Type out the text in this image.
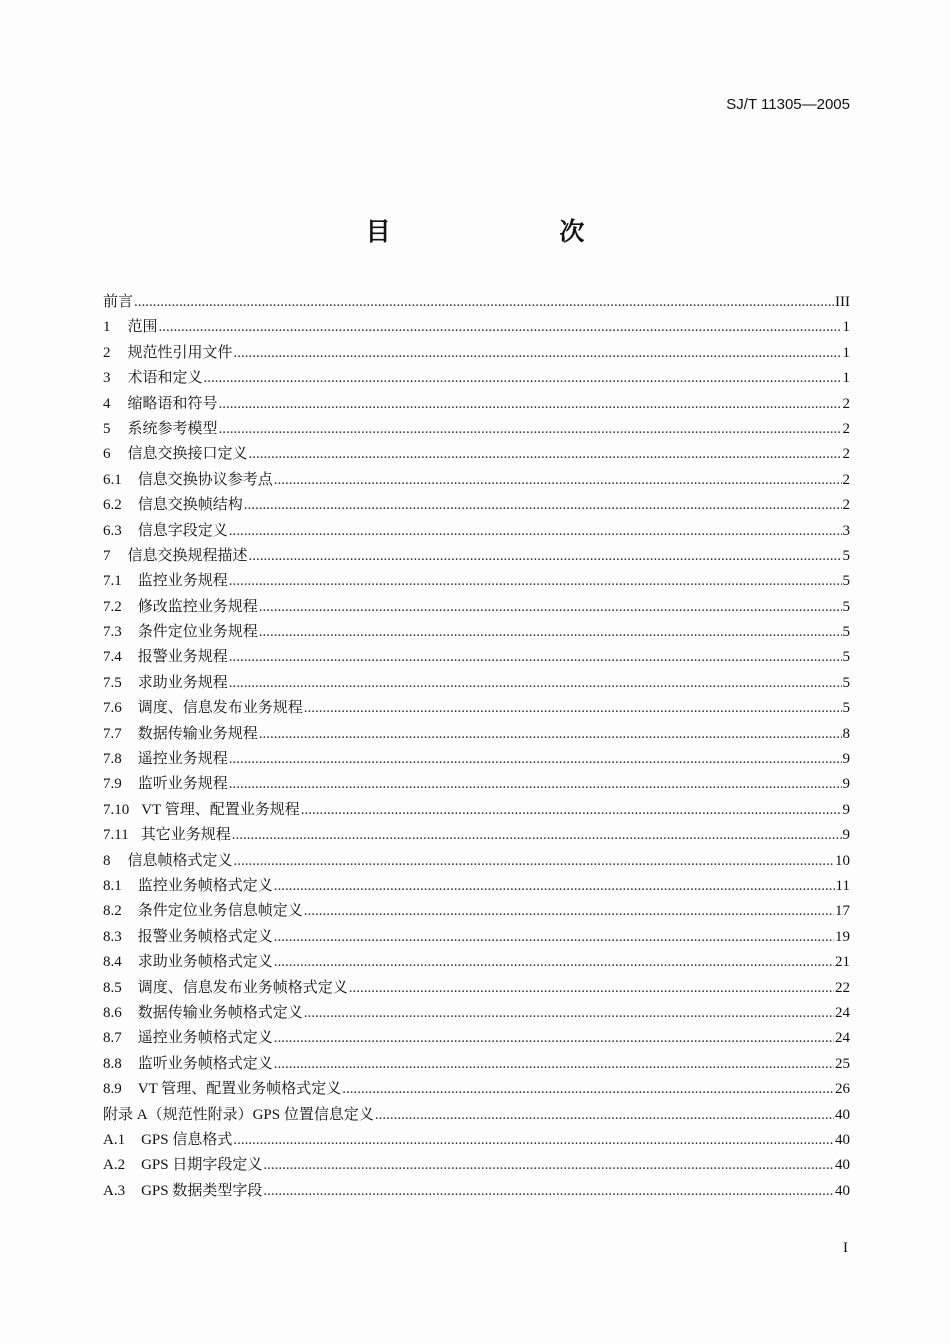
SJ/T 11305—2005
目 次
前言 .....	III
1 范围 .....	1
2 规范性引用文件 .....	1
3 术语和定义 .....	1
4 缩略语和符号 .....	2
5 系统参考模型 .....	2
6 信息交换接口定义 .....	2
6.1 信息交换协议参考点 .....	2
6.2 信息交换帧结构 .....	2
6.3 信息字段定义 .....	3
7 信息交换规程描述 .....	5
7.1 监控业务规程 .....	5
7.2 修改监控业务规程 .....	5
7.3 条件定位业务规程 .....	5
7.4 报警业务规程 .....	5
7.5 求助业务规程 .....	5
7.6 调度、信息发布业务规程 .....	5
7.7 数据传输业务规程 .....	8
7.8 遥控业务规程 .....	9
7.9 监听业务规程 .....	9
7.10 VT 管理、配置业务规程 .....	9
7.11 其它业务规程 .....	9
8 信息帧格式定义 .....	10
8.1 监控业务帧格式定义 .....	11
8.2 条件定位业务信息帧定义 .....	17
8.3 报警业务帧格式定义 .....	19
8.4 求助业务帧格式定义 .....	21
8.5 调度、信息发布业务帧格式定义 .....	22
8.6 数据传输业务帧格式定义 .....	24
8.7 遥控业务帧格式定义 .....	24
8.8 监听业务帧格式定义 .....	25
8.9 VT 管理、配置业务帧格式定义 .....	26
附录 A（规范性附录）GPS 位置信息定义 .....	40
A.1 GPS 信息格式 .....	40
A.2 GPS 日期字段定义 .....	40
A.3 GPS 数据类型字段 .....	40
I
